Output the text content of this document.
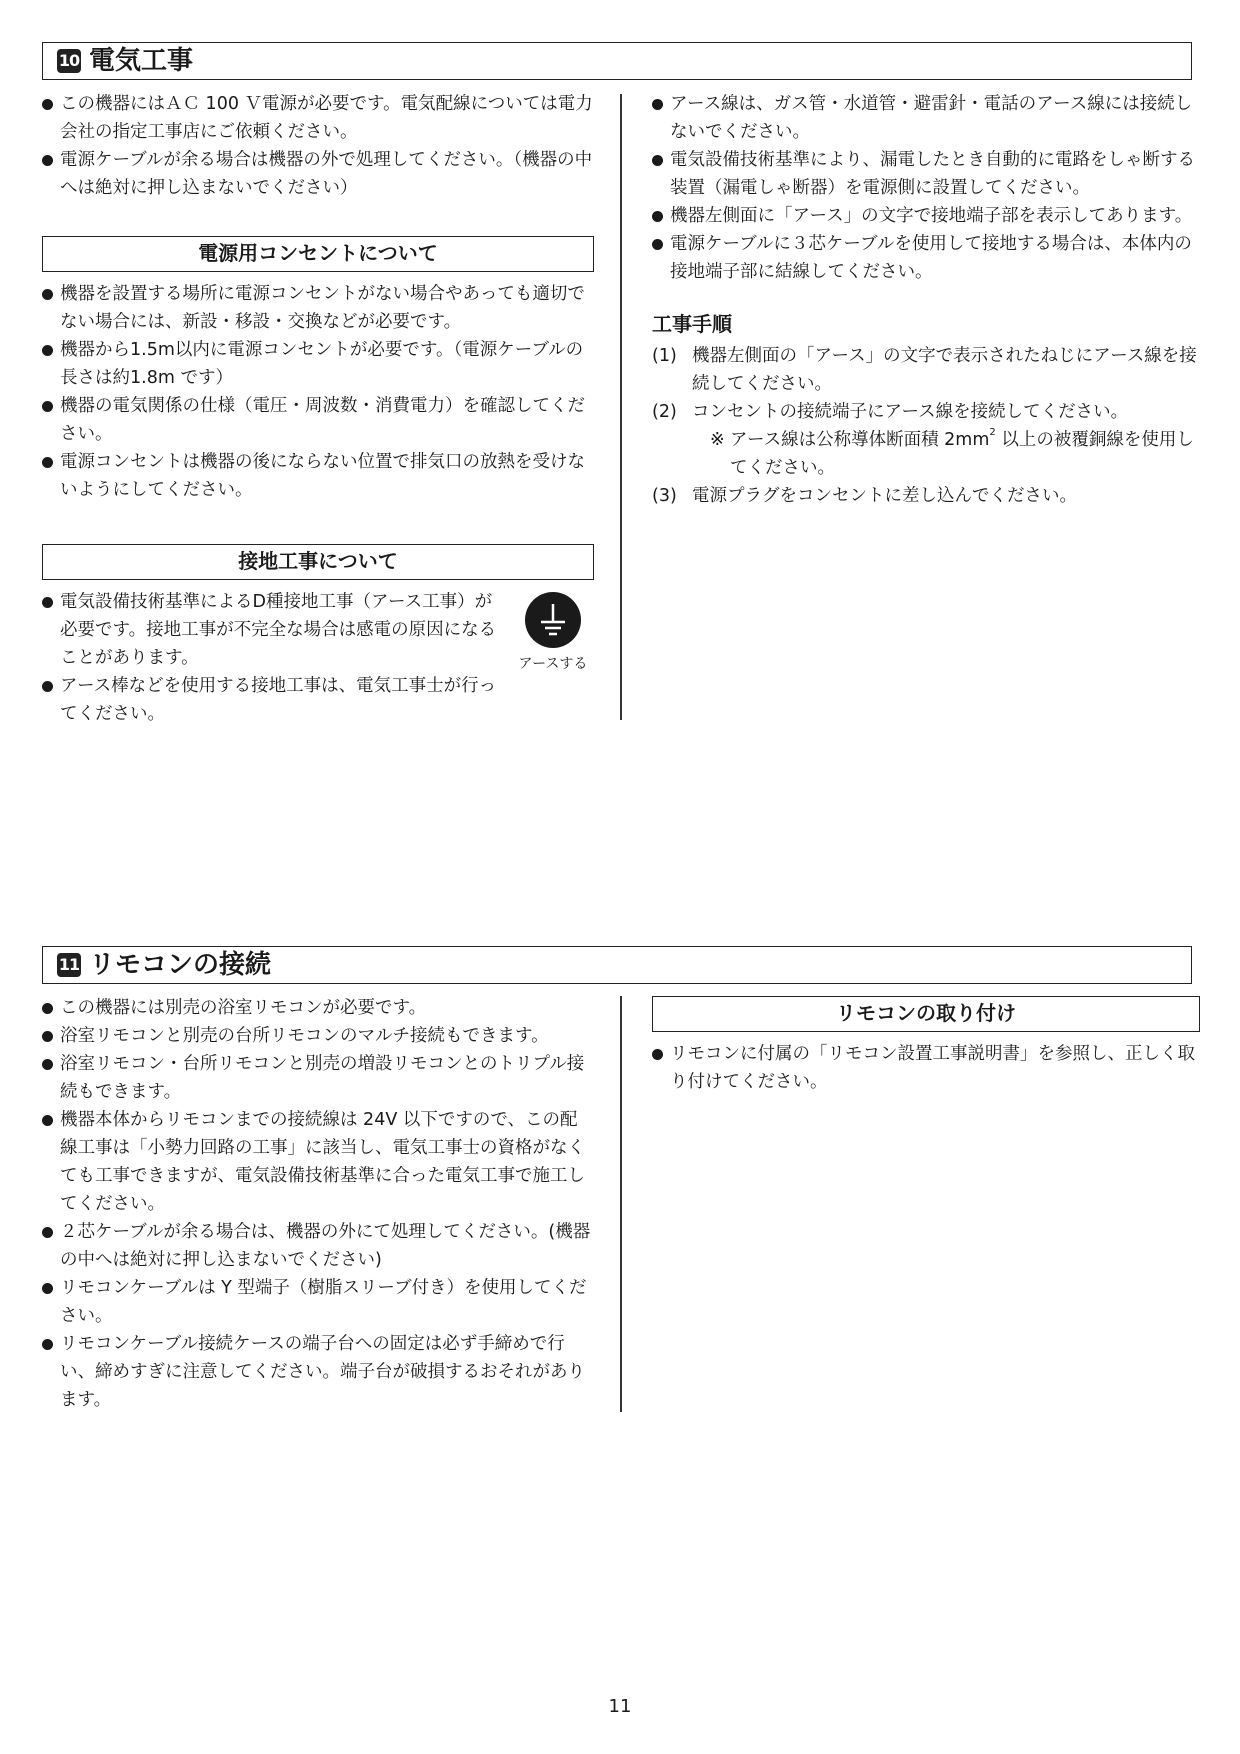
10 電気工事
この機器にはＡＣ 100 Ｖ電源が必要です。電気配線については電力会社の指定工事店にご依頼ください。
電源ケーブルが余る場合は機器の外で処理してください。（機器の中へは絶対に押し込まないでください）
電源用コンセントについて
機器を設置する場所に電源コンセントがない場合やあっても適切でない場合には、新設・移設・交換などが必要です。
機器から1.5m以内に電源コンセントが必要です。（電源ケーブルの長さは約1.8m です）
機器の電気関係の仕様（電圧・周波数・消費電力）を確認してください。
電源コンセントは機器の後にならない位置で排気口の放熱を受けないようにしてください。
接地工事について
電気設備技術基準によるD種接地工事（アース工事）が必要です。接地工事が不完全な場合は感電の原因になることがあります。
アース棒などを使用する接地工事は、電気工事士が行ってください。
アースする
アース線は、ガス管・水道管・避雷針・電話のアース線には接続しないでください。
電気設備技術基準により、漏電したとき自動的に電路をしゃ断する装置（漏電しゃ断器）を電源側に設置してください。
機器左側面に「アース」の文字で接地端子部を表示してあります。
電源ケーブルに３芯ケーブルを使用して接地する場合は、本体内の接地端子部に結線してください。
工事手順
(1) 機器左側面の「アース」の文字で表示されたねじにアース線を接続してください。
(2) コンセントの接続端子にアース線を接続してください。
※ アース線は公称導体断面積 $2mm^2$ 以上の被覆銅線を使用してください。
(3) 電源プラグをコンセントに差し込んでください。
11 リモコンの接続
この機器には別売の浴室リモコンが必要です。
浴室リモコンと別売の台所リモコンのマルチ接続もできます。
浴室リモコン・台所リモコンと別売の増設リモコンとのトリプル接続もできます。
機器本体からリモコンまでの接続線は 24V 以下ですので、この配線工事は「小勢力回路の工事」に該当し、電気工事士の資格がなくても工事できますが、電気設備技術基準に合った電気工事で施工してください。
２芯ケーブルが余る場合は、機器の外にて処理してください。(機器の中へは絶対に押し込まないでください)
リモコンケーブルは Y 型端子（樹脂スリーブ付き）を使用してください。
リモコンケーブル接続ケースの端子台への固定は必ず手締めで行い、締めすぎに注意してください。端子台が破損するおそれがあります。
リモコンの取り付け
リモコンに付属の「リモコン設置工事説明書」を参照し、正しく取り付けてください。
11
